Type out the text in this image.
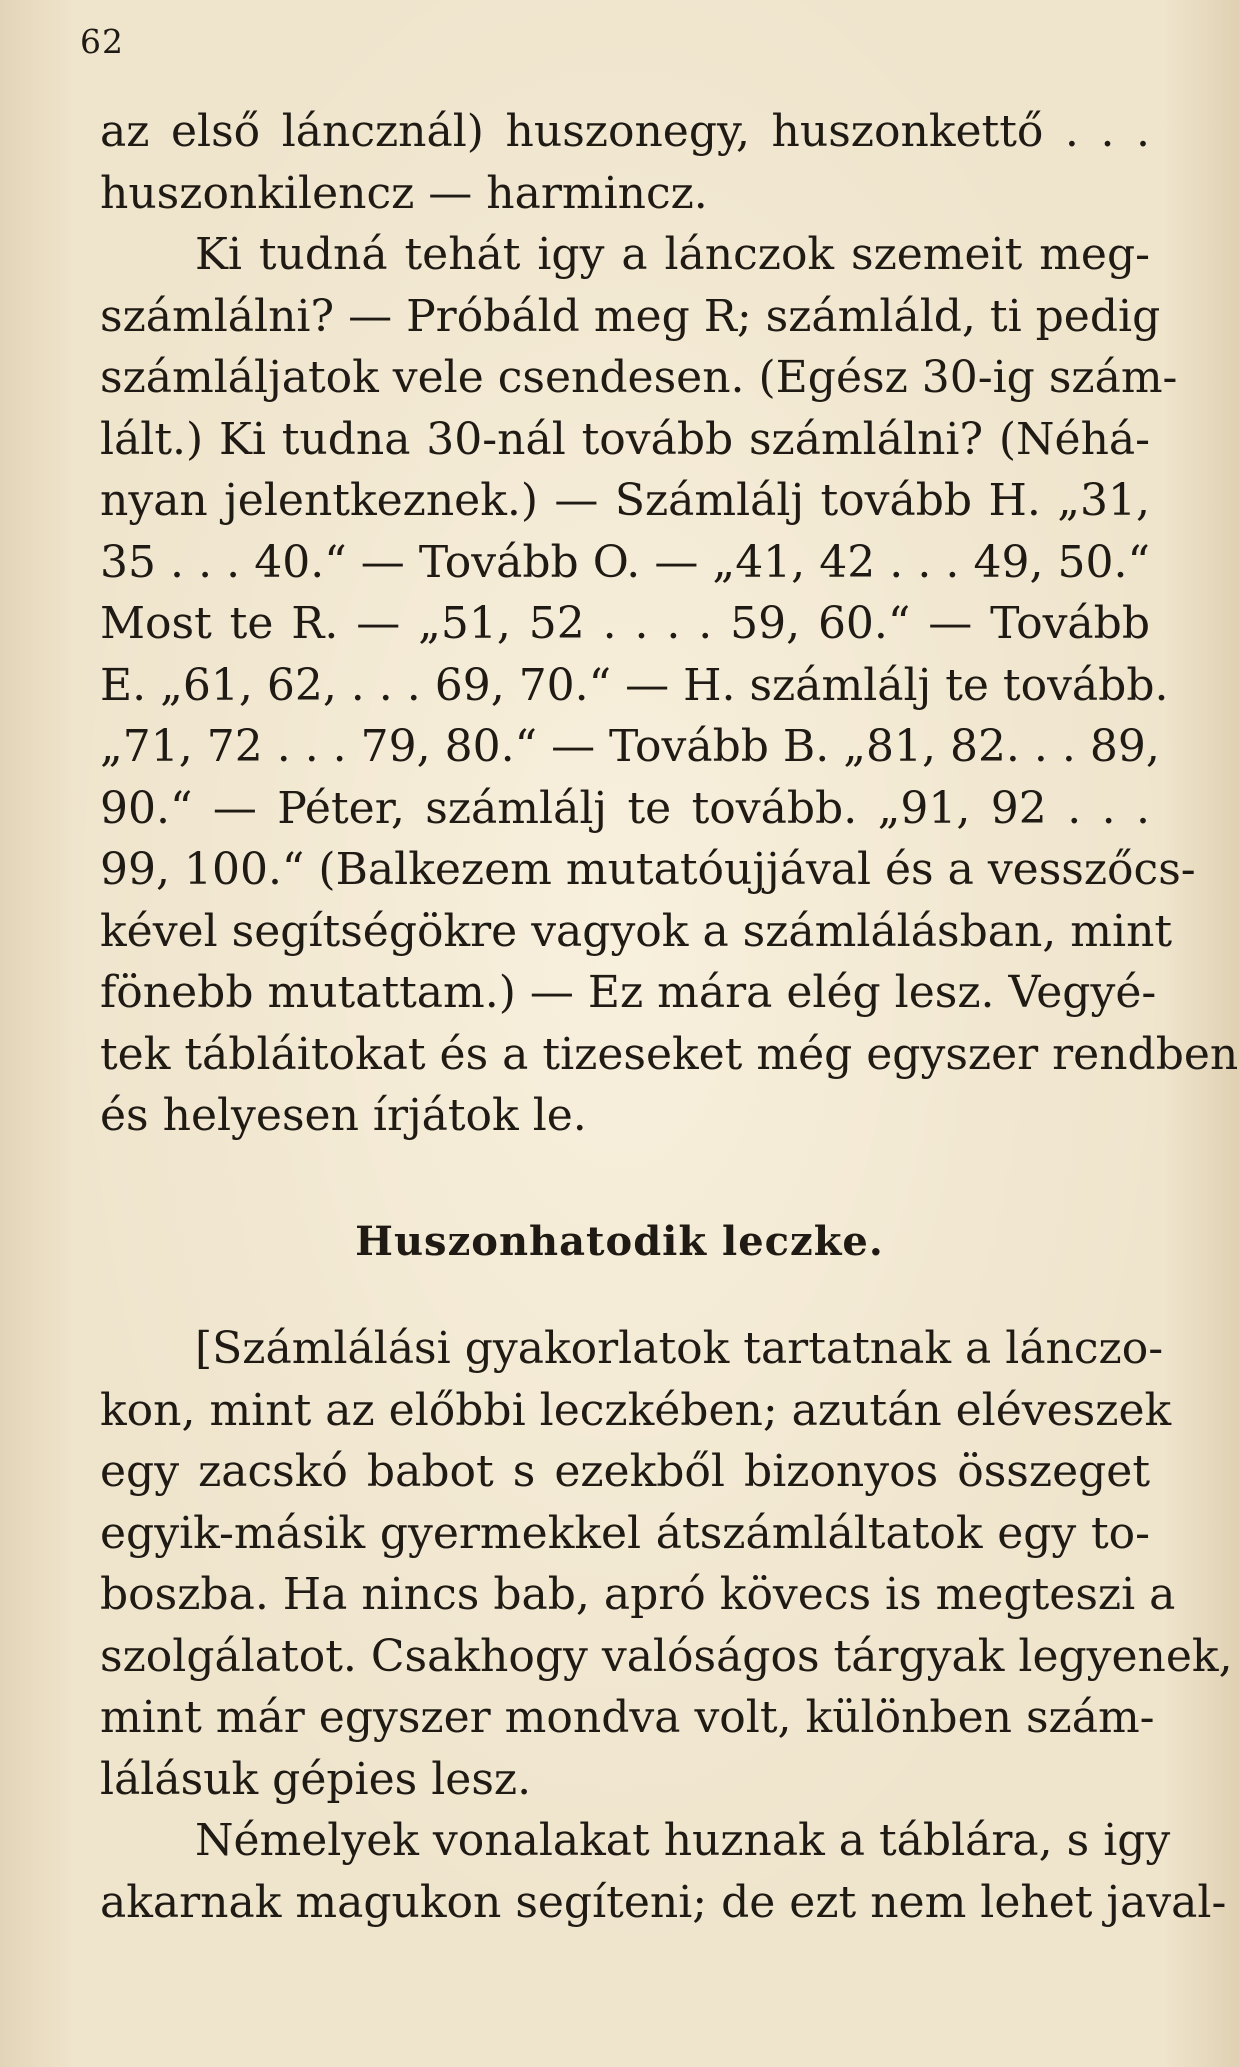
62
az első láncznál) huszonegy, huszonkettő . . .
huszonkilencz — harmincz.
Ki tudná tehát igy a lánczok szemeit meg-
számlálni? — Próbáld meg R; számláld, ti pedig
számláljatok vele csendesen. (Egész 30-ig szám-
lált.) Ki tudna 30-nál tovább számlálni? (Néhá-
nyan jelentkeznek.) — Számlálj tovább H. „31,
35 . . . 40.“ — Tovább O. — „41, 42 . . . 49, 50.“
Most te R. — „51, 52 . . . . 59, 60.“ — Tovább
E. „61, 62, . . . 69, 70.“ — H. számlálj te tovább.
„71, 72 . . . 79, 80.“ — Tovább B. „81, 82. . . 89,
90.“ — Péter, számlálj te tovább. „91, 92 . . .
99, 100.“ (Balkezem mutatóujjával és a vesszőcs-
kével segítségökre vagyok a számlálásban, mint
fönebb mutattam.) — Ez mára elég lesz. Vegyé-
tek tábláitokat és a tizeseket még egyszer rendben
és helyesen írjátok le.
Huszonhatodik leczke.
[Számlálási gyakorlatok tartatnak a lánczo-
kon, mint az előbbi leczkében; azután eléveszek
egy zacskó babot s ezekből bizonyos összeget
egyik-másik gyermekkel átszámláltatok egy to-
boszba. Ha nincs bab, apró kövecs is megteszi a
szolgálatot. Csakhogy valóságos tárgyak legyenek,
mint már egyszer mondva volt, különben szám-
lálásuk gépies lesz.
Némelyek vonalakat huznak a táblára, s igy
akarnak magukon segíteni; de ezt nem lehet javal-
